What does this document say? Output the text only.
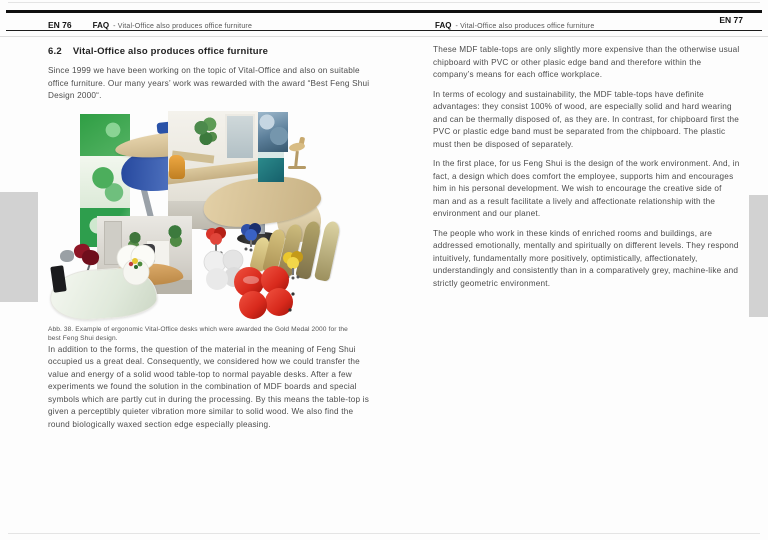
EN 76	FAQ - Vital-Office also produces office furniture	FAQ - Vital-Office also produces office furniture
EN 77
6.2 Vital-Office also produces office furniture

Since 1999 we have been working on the topic of Vital-Office and also on suitable office furniture. Our many years’ work was rewarded with the award “Best Feng Shui Design 2000“.

Abb. 38. Example of ergonomic Vital-Office desks which were awarded the Gold Medal 2000 for the best Feng Shui design.

In addition to the forms, the question of the material in the meaning of Feng Shui occupied us a great deal. Consequently, we considered how we could transfer the value and energy of a solid wood table-top to normal payable desks. After a few experiments we found the solution in the combination of MDF boards and special symbols which are partly cut in during the processing. By this means the table-top is given a perceptibly quieter vibration more similar to solid wood. We also find the round biologically waxed section edge especially pleasing.

These MDF table-tops are only slightly more expensive than the otherwise usual chipboard with PVC or other plasic edge band and therefore within the company’s means for each office workplace.

In terms of ecology and sustainability, the MDF table-tops have definite advantages: they consist 100% of wood, are especially solid and hard wearing and can be thermally disposed of, as they are. In contrast, for chipboard first the PVC or plastic edge band must be separated from the chipboard. The plastic must then be disposed of separately.

In the first place, for us Feng Shui is the design of the work environment. And, in fact, a design which does comfort the employee, supports him and encourages him in his personal development. We wish to encourage the creative side of man and as a result facilitate a lively and affectionate relationship with the environment and our planet.

The people who work in these kinds of enriched rooms and buildings, are addressed emotionally, mentally and spiritually on different levels. They respond intuitively, fundamentally more positively, optimistically, affectionately, understandingly and consistently than in a comparatively grey, machine-like and strictly geometric environment.
